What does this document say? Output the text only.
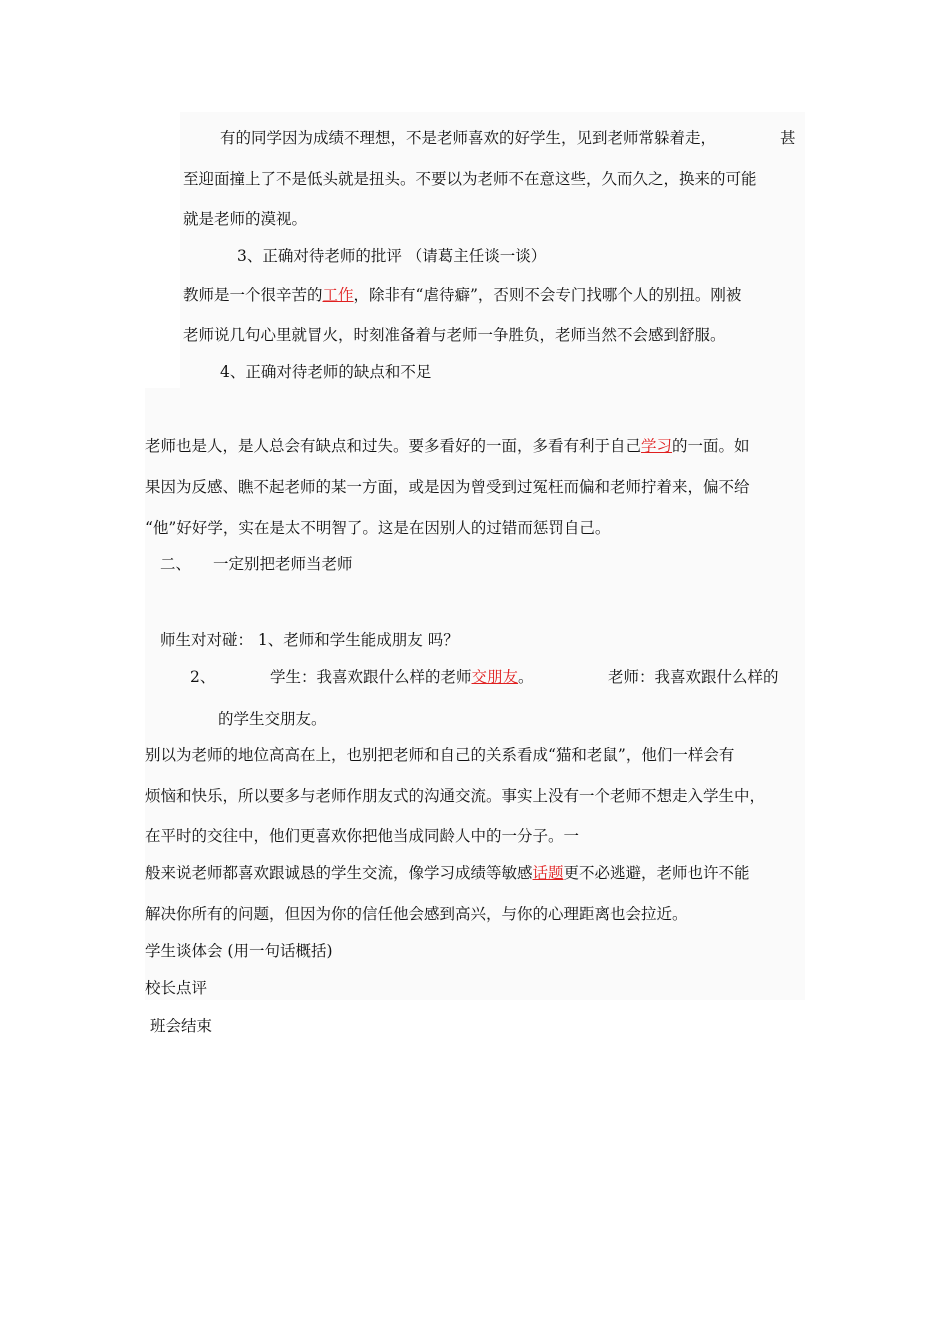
有的同学因为成绩不理想，不是老师喜欢的好学生，见到老师常躲着走，	甚
至迎面撞上了不是低头就是扭头。不要以为老师不在意这些，久而久之，换来的可能
就是老师的漠视。
3、正确对待老师的批评 （请葛主任谈一谈）
教师是一个很辛苦的工作，除非有“虐待癖”，否则不会专门找哪个人的别扭。刚被
老师说几句心里就冒火，时刻准备着与老师一争胜负，老师当然不会感到舒服。
4、正确对待老师的缺点和不足
老师也是人，是人总会有缺点和过失。要多看好的一面，多看有利于自己学习的一面。如
果因为反感、瞧不起老师的某一方面，或是因为曾受到过冤枉而偏和老师拧着来，偏不给
“他”好好学，实在是太不明智了。这是在因别人的过错而惩罚自己。
二、 一定别把老师当老师
师生对对碰： 1、老师和学生能成朋友 吗？
2、	学生：我喜欢跟什么样的老师交朋友。	老师：我喜欢跟什么样的
的学生交朋友。
别以为老师的地位高高在上，也别把老师和自己的关系看成“猫和老鼠”，他们一样会有
烦恼和快乐，所以要多与老师作朋友式的沟通交流。事实上没有一个老师不想走入学生中，
在平时的交往中，他们更喜欢你把他当成同龄人中的一分子。一
般来说老师都喜欢跟诚恳的学生交流，像学习成绩等敏感话题更不必逃避，老师也许不能
解决你所有的问题，但因为你的信任他会感到高兴，与你的心理距离也会拉近。
学生谈体会 (用一句话概括)
校长点评
班会结束
